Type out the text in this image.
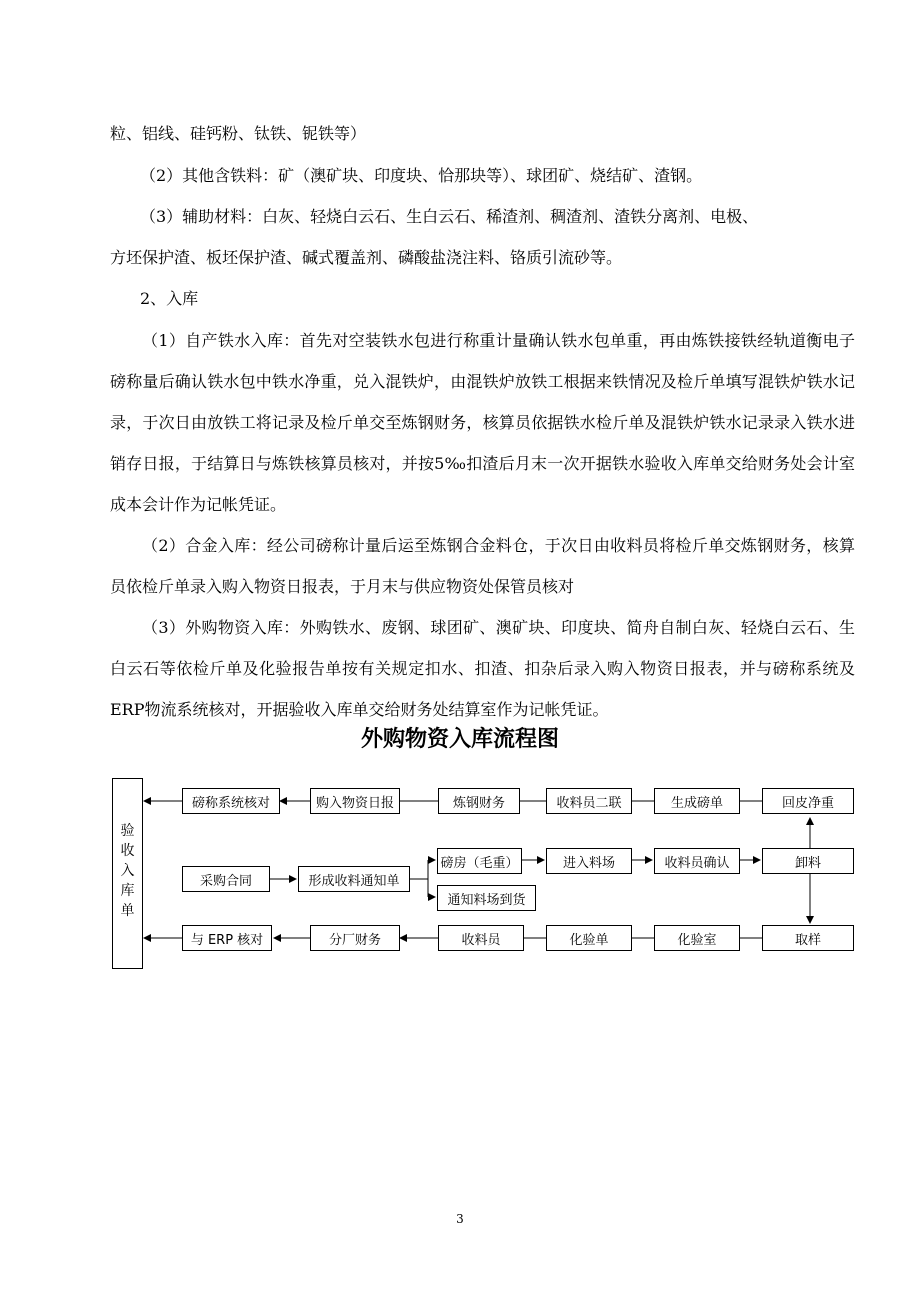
粒、铝线、硅钙粉、钛铁、铌铁等）
（2）其他含铁料：矿（澳矿块、印度块、恰那块等）、球团矿、烧结矿、渣钢。
（3）辅助材料：白灰、轻烧白云石、生白云石、稀渣剂、稠渣剂、渣铁分离剂、电极、
方坯保护渣、板坯保护渣、碱式覆盖剂、磷酸盐浇注料、铬质引流砂等。
2、入库

（1）自产铁水入库：首先对空装铁水包进行称重计量确认铁水包单重，再由炼铁接铁经轨道衡电子磅称量后确认铁水包中铁水净重，兑入混铁炉，由混铁炉放铁工根据来铁情况及检斤单填写混铁炉铁水记录，于次日由放铁工将记录及检斤单交至炼钢财务，核算员依据铁水检斤单及混铁炉铁水记录录入铁水进销存日报，于结算日与炼铁核算员核对，并按5‰扣渣后月末一次开据铁水验收入库单交给财务处会计室成本会计作为记帐凭证。

（2）合金入库：经公司磅称计量后运至炼钢合金料仓，于次日由收料员将检斤单交炼钢财务，核算员依检斤单录入购入物资日报表，于月末与供应物资处保管员核对

（3）外购物资入库：外购铁水、废钢、球团矿、澳矿块、印度块、简舟自制白灰、轻烧白云石、生白云石等依检斤单及化验报告单按有关规定扣水、扣渣、扣杂后录入购入物资日报表，并与磅称系统及ERP物流系统核对，开据验收入库单交给财务处结算室作为记帐凭证。

外购物资入库流程图
验
收
入
库
单
磅称系统核对	购入物资日报	炼钢财务	收料员二联	生成磅单	回皮净重
采购合同	形成收料通知单
磅房（毛重）
通知料场到货
进入料场	收料员确认	卸料
与 ERP 核对	分厂财务	收料员	化验单	化验室	取样
3
